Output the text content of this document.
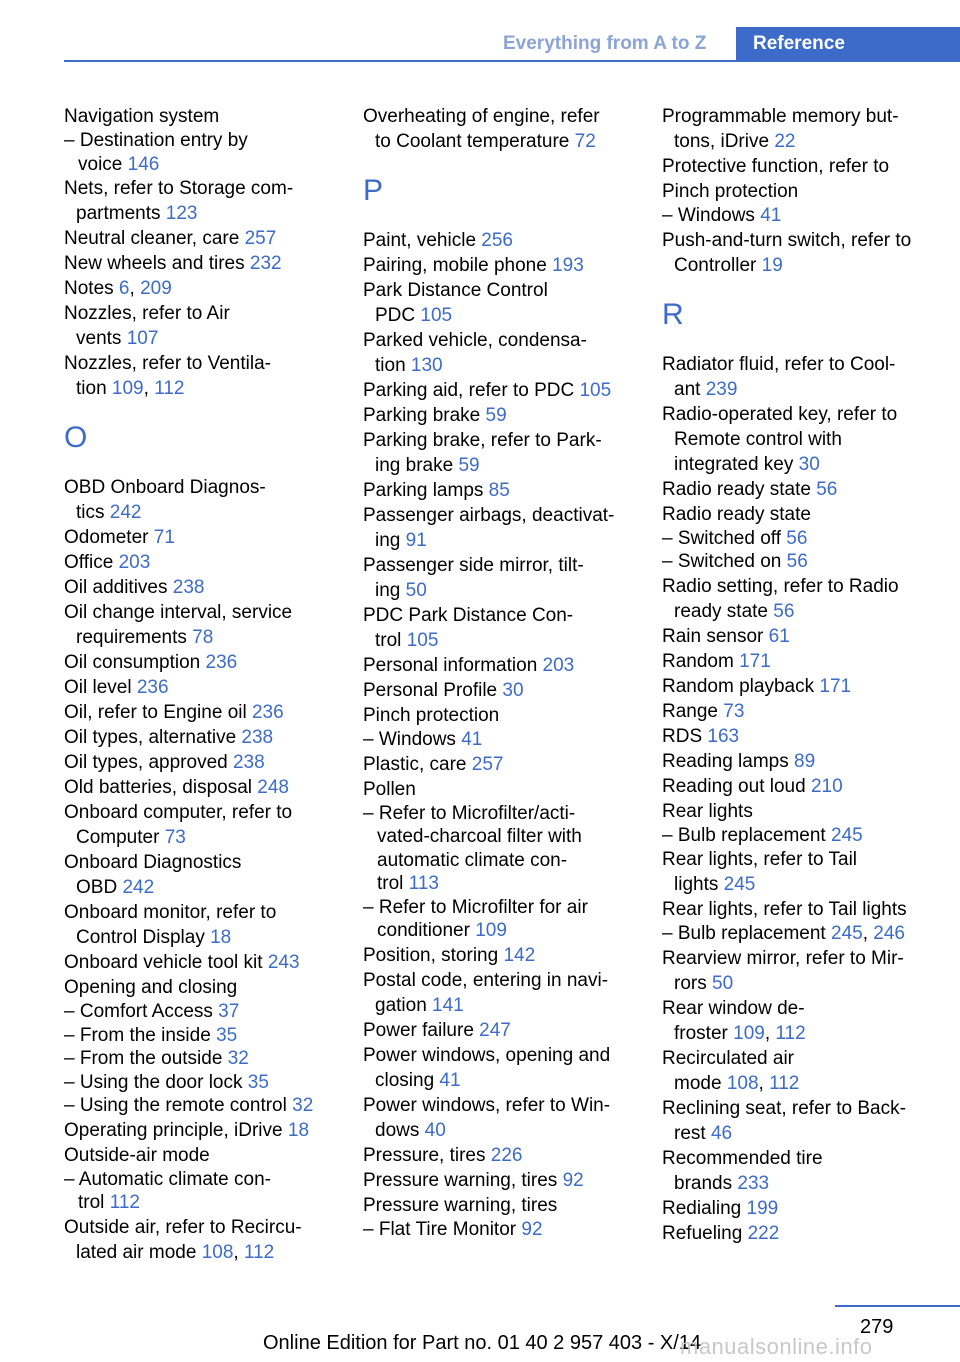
Everything from A to Z	Reference
Navigation system
– Destination entry by
voice 146
Nets, refer to Storage com-
partments 123
Neutral cleaner, care 257
New wheels and tires 232
Notes 6, 209
Nozzles, refer to Air
vents 107
Nozzles, refer to Ventila-
tion 109, 112
O
OBD Onboard Diagnos-
tics 242
Odometer 71
Office 203
Oil additives 238
Oil change interval, service
requirements 78
Oil consumption 236
Oil level 236
Oil, refer to Engine oil 236
Oil types, alternative 238
Oil types, approved 238
Old batteries, disposal 248
Onboard computer, refer to
Computer 73
Onboard Diagnostics
OBD 242
Onboard monitor, refer to
Control Display 18
Onboard vehicle tool kit 243
Opening and closing
– Comfort Access 37
– From the inside 35
– From the outside 32
– Using the door lock 35
– Using the remote control 32
Operating principle, iDrive 18
Outside-air mode
– Automatic climate con-
trol 112
Outside air, refer to Recircu-
lated air mode 108, 112
Overheating of engine, refer
to Coolant temperature 72
P
Paint, vehicle 256
Pairing, mobile phone 193
Park Distance Control
PDC 105
Parked vehicle, condensa-
tion 130
Parking aid, refer to PDC 105
Parking brake 59
Parking brake, refer to Park-
ing brake 59
Parking lamps 85
Passenger airbags, deactivat-
ing 91
Passenger side mirror, tilt-
ing 50
PDC Park Distance Con-
trol 105
Personal information 203
Personal Profile 30
Pinch protection
– Windows 41
Plastic, care 257
Pollen
– Refer to Microfilter/acti-
vated-charcoal filter with
automatic climate con-
trol 113
– Refer to Microfilter for air
conditioner 109
Position, storing 142
Postal code, entering in navi-
gation 141
Power failure 247
Power windows, opening and
closing 41
Power windows, refer to Win-
dows 40
Pressure, tires 226
Pressure warning, tires 92
Pressure warning, tires
– Flat Tire Monitor 92
Programmable memory but-
tons, iDrive 22
Protective function, refer to
Pinch protection
– Windows 41
Push-and-turn switch, refer to
Controller 19
R
Radiator fluid, refer to Cool-
ant 239
Radio-operated key, refer to
Remote control with
integrated key 30
Radio ready state 56
Radio ready state
– Switched off 56
– Switched on 56
Radio setting, refer to Radio
ready state 56
Rain sensor 61
Random 171
Random playback 171
Range 73
RDS 163
Reading lamps 89
Reading out loud 210
Rear lights
– Bulb replacement 245
Rear lights, refer to Tail
lights 245
Rear lights, refer to Tail lights
– Bulb replacement 245, 246
Rearview mirror, refer to Mir-
rors 50
Rear window de-
froster 109, 112
Recirculated air
mode 108, 112
Reclining seat, refer to Back-
rest 46
Recommended tire
brands 233
Redialing 199
Refueling 222
279
Online Edition for Part no. 01 40 2 957 403 - X/14
manualsonline.info
